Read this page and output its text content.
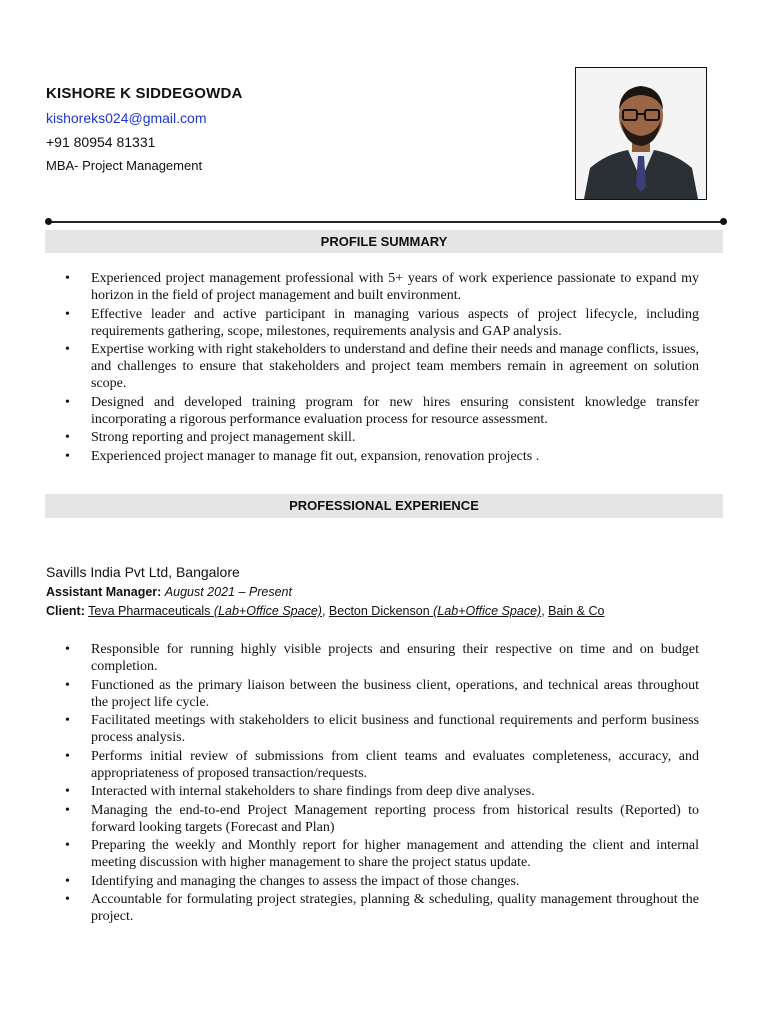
KISHORE K SIDDEGOWDA
kishoreks024@gmail.com
+91 80954 81331
MBA- Project Management
PROFILE SUMMARY
• Experienced project management professional with 5+ years of work experience passionate to expand my horizon in the field of project management and built environment.
• Effective leader and active participant in managing various aspects of project lifecycle, including requirements gathering, scope, milestones, requirements analysis and GAP analysis.
• Expertise working with right stakeholders to understand and define their needs and manage conflicts, issues, and challenges to ensure that stakeholders and project team members remain in agreement on solution scope.
• Designed and developed training program for new hires ensuring consistent knowledge transfer incorporating a rigorous performance evaluation process for resource assessment.
• Strong reporting and project management skill.
• Experienced project manager to manage fit out, expansion, renovation projects .
PROFESSIONAL EXPERIENCE
Savills India Pvt Ltd, Bangalore
Assistant Manager: August 2021 – Present
Client: Teva Pharmaceuticals (Lab+Office Space), Becton Dickenson (Lab+Office Space), Bain & Co
• Responsible for running highly visible projects and ensuring their respective on time and on budget completion.
• Functioned as the primary liaison between the business client, operations, and technical areas throughout the project life cycle.
• Facilitated meetings with stakeholders to elicit business and functional requirements and perform business process analysis.
• Performs initial review of submissions from client teams and evaluates completeness, accuracy, and appropriateness of proposed transaction/requests.
• Interacted with internal stakeholders to share findings from deep dive analyses.
• Managing the end-to-end Project Management reporting process from historical results (Reported) to forward looking targets (Forecast and Plan)
• Preparing the weekly and Monthly report for higher management and attending the client and internal meeting discussion with higher management to share the project status update.
• Identifying and managing the changes to assess the impact of those changes.
• Accountable for formulating project strategies, planning & scheduling, quality management throughout the project.
